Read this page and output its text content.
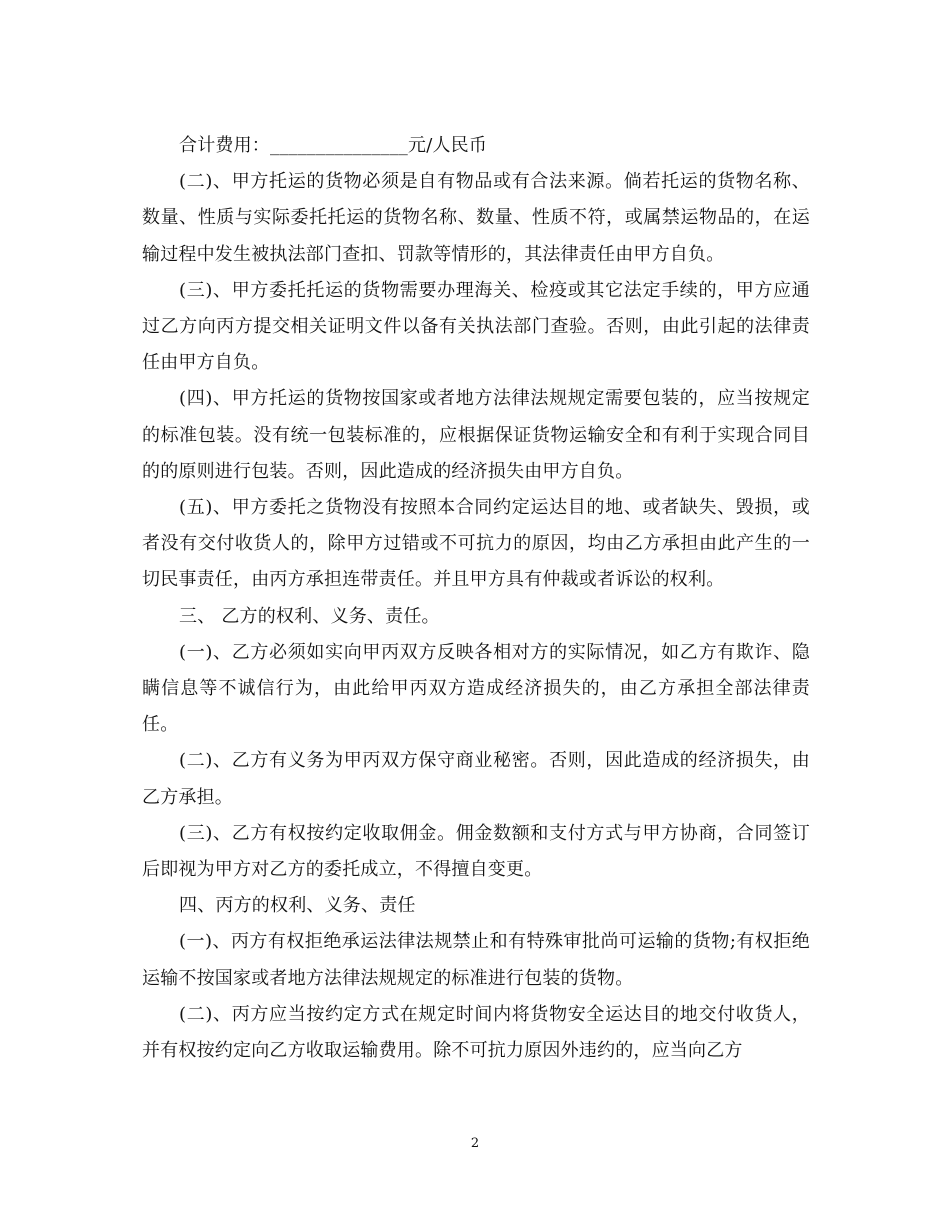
合计费用：_______________元/人民币

(二)、甲方托运的货物必须是自有物品或有合法来源。倘若托运的货物名称、数量、性质与实际委托托运的货物名称、数量、性质不符，或属禁运物品的，在运输过程中发生被执法部门查扣、罚款等情形的，其法律责任由甲方自负。

(三)、甲方委托托运的货物需要办理海关、检疫或其它法定手续的，甲方应通过乙方向丙方提交相关证明文件以备有关执法部门查验。否则，由此引起的法律责任由甲方自负。

(四)、甲方托运的货物按国家或者地方法律法规规定需要包装的，应当按规定的标准包装。没有统一包装标准的，应根据保证货物运输安全和有利于实现合同目的的原则进行包装。否则，因此造成的经济损失由甲方自负。

(五)、甲方委托之货物没有按照本合同约定运达目的地、或者缺失、毁损，或者没有交付收货人的，除甲方过错或不可抗力的原因，均由乙方承担由此产生的一切民事责任，由丙方承担连带责任。并且甲方具有仲裁或者诉讼的权利。

三、 乙方的权利、义务、责任。

(一)、乙方必须如实向甲丙双方反映各相对方的实际情况，如乙方有欺诈、隐瞒信息等不诚信行为，由此给甲丙双方造成经济损失的，由乙方承担全部法律责任。

(二)、乙方有义务为甲丙双方保守商业秘密。否则，因此造成的经济损失，由乙方承担。

(三)、乙方有权按约定收取佣金。佣金数额和支付方式与甲方协商，合同签订后即视为甲方对乙方的委托成立，不得擅自变更。

四、丙方的权利、义务、责任

(一)、丙方有权拒绝承运法律法规禁止和有特殊审批尚可运输的货物;有权拒绝运输不按国家或者地方法律法规规定的标准进行包装的货物。

(二)、丙方应当按约定方式在规定时间内将货物安全运达目的地交付收货人，并有权按约定向乙方收取运输费用。除不可抗力原因外违约的，应当向乙方

2
